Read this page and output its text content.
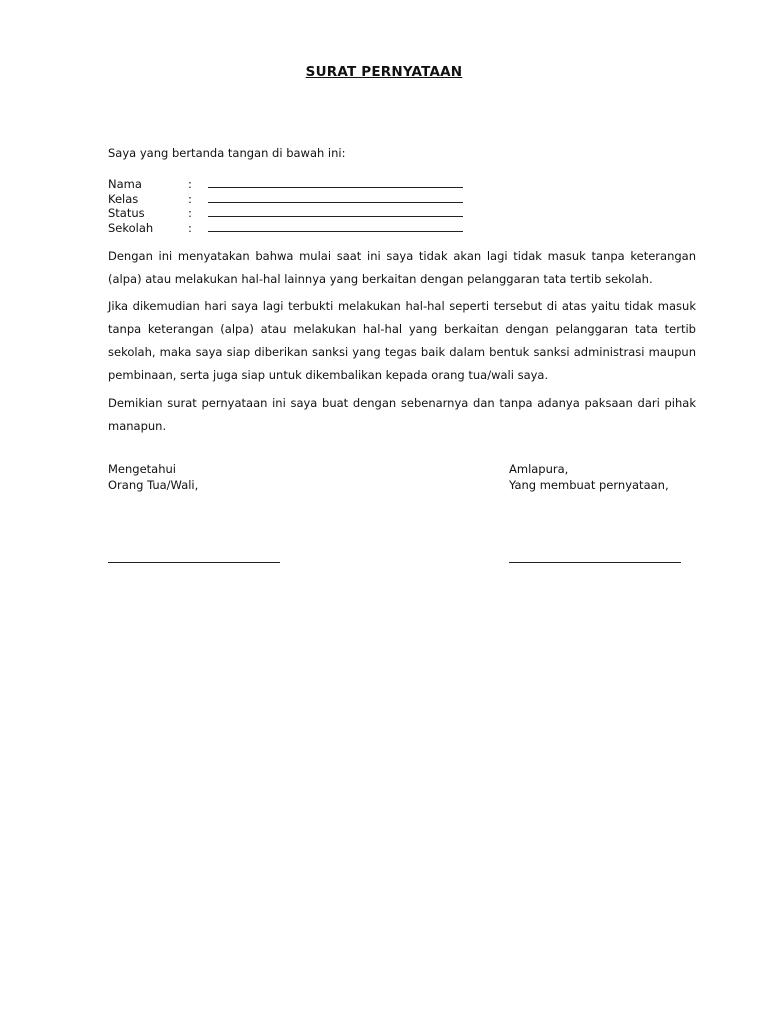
SURAT PERNYATAAN
Saya yang bertanda tangan di bawah ini:
Nama	:
Kelas	:
Status	:
Sekolah	:

Dengan ini menyatakan bahwa mulai saat ini saya tidak akan lagi tidak masuk tanpa keterangan (alpa) atau melakukan hal-hal lainnya yang berkaitan dengan pelanggaran tata tertib sekolah.

Jika dikemudian hari saya lagi terbukti melakukan hal-hal seperti tersebut di atas yaitu tidak masuk tanpa keterangan (alpa) atau melakukan hal-hal yang berkaitan dengan pelanggaran tata tertib sekolah, maka saya siap diberikan sanksi yang tegas baik dalam bentuk sanksi administrasi maupun pembinaan, serta juga siap untuk dikembalikan kepada orang tua/wali saya.

Demikian surat pernyataan ini saya buat dengan sebenarnya dan tanpa adanya paksaan dari pihak manapun.

Mengetahui
Orang Tua/Wali,
Amlapura,
Yang membuat pernyataan,
